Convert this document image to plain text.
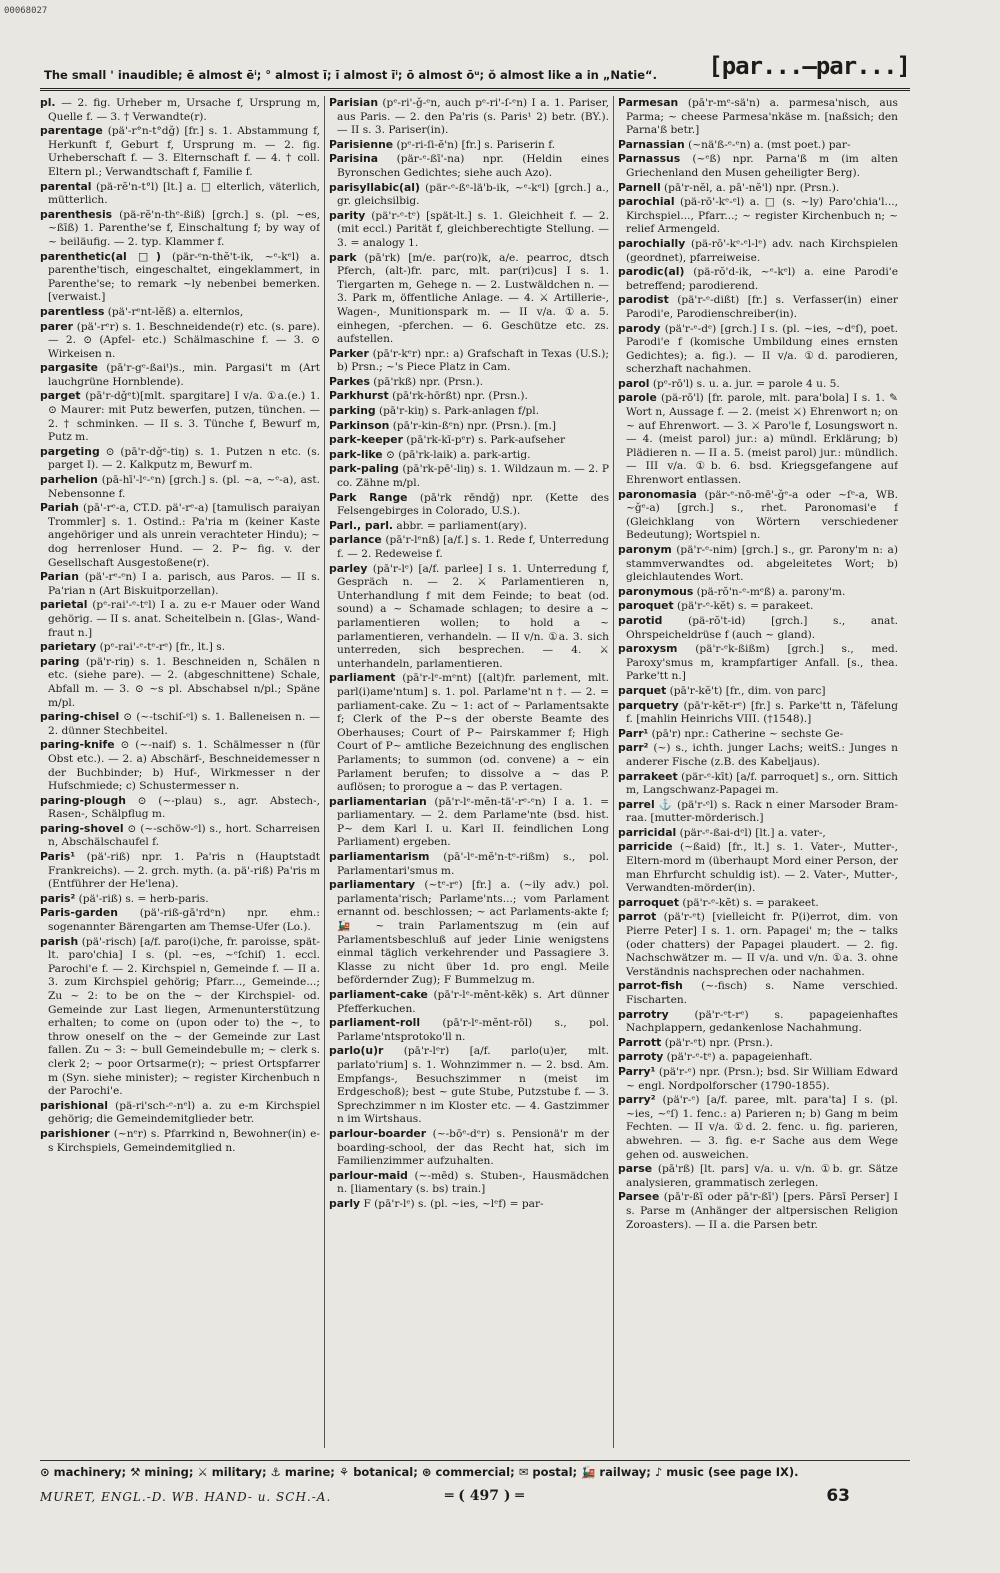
00068027
The small ' inaudible; ē almost ēⁱ; ° almost ī; ī almost īⁱ; ō almost ōᵘ; ŏ almost like a in „Natie“. [par...—par...]

pl. — 2. fig. Urheber m, Ursache f, Ursprung m, Quelle f. — 3. † Verwandte(r).

parentage (pä'-r°n-t°dǧ) [fr.] s. 1. Abstammung f, Herkunft f, Geburt f, Ursprung m. — 2. fig. Urheberschaft f. — 3. Elternschaft f. — 4. † coll. Eltern pl.; Verwandtschaft f, Familie f.

parental (pä-rĕ'n-t°l) [lt.] a. □ elterlich, väterlich, mütterlich.

parenthesis (pä-rĕ'n-thᵉ-ßiß) [grch.] s. (pl. ~es, ~ßīß) 1. Parenthe'se f, Einschaltung f; by way of ~ beiläufig. — 2. typ. Klammer f.

parenthetic(al □) (pär-ᵉn-thĕ't-ik, ~ᵉ-kᵉl) a. parenthe'tisch, eingeschaltet, eingeklammert, in Parenthe'se; to remark ~ly nebenbei bemerken. [verwaist.]

parentless (pä'-rᵉnt-lĕß) a. elternlos,

parer (pä'-rᵉr) s. 1. Beschneidende(r) etc. (s. pare). — 2. ⊙ (Apfel- etc.) Schälmaschine f. — 3. ⊙ Wirkeisen n.

pargasite (pā'r-gᵉ-ßaiᵗ)s., min. Pargasi't m (Art lauchgrüne Hornblende).

parget (pā'r-dǧᵉt)[mlt. spargitare] I v/a. ①a.(e.) 1. ⊙ Maurer: mit Putz bewerfen, putzen, tünchen. — 2. † schminken. — II s. 3. Tünche f, Bewurf m, Putz m.

pargeting ⊙ (pā'r-dǧᵉ-tiŋ) s. 1. Putzen n etc. (s. parget I). — 2. Kalkputz m, Bewurf m.

parhelion (pā-hī'-lᵉ-ᵉn) [grch.] s. (pl. ~a, ~ᵉ-a), ast. Nebensonne f.

Pariah (pā'-rᵉ-a, CT.D. pä'-rᵉ-a) [tamulisch paraiyan Trommler] s. 1. Ostind.: Pa'ria m (keiner Kaste angehöriger und als unrein verachteter Hindu); ~ dog herrenloser Hund. — 2. P~ fig. v. der Gesellschaft Ausgestoßene(r).

Parian (pä'-rᵉ-ᵉn) I a. parisch, aus Paros. — II s. Pa'rian n (Art Biskuitporzellan).

parietal (pᵉ-rai'-ᵉ-tᵉl) I a. zu e-r Mauer oder Wand gehörig. — II s. anat. Scheitelbein n. [Glas-, Wand-fraut n.]

parietary (pᵉ-rai'-ᵉ-tᵉ-rᵉ) [fr., lt.] s.

paring (pä'r-riŋ) s. 1. Beschneiden n, Schälen n etc. (siehe pare). — 2. (abgeschnittene) Schale, Abfall m. — 3. ⊙ ~s pl. Abschabsel n/pl.; Späne m/pl.

paring-chisel ⊙ (~-tschiſ-ᵉl) s. 1. Balleneisen n. — 2. dünner Stechbeitel.

paring-knife ⊙ (~-naif) s. 1. Schälmesser n (für Obst etc.). — 2. a) Abschärf-, Beschneidemesser n der Buchbinder; b) Huf-, Wirkmesser n der Hufschmiede; c) Schustermesser n.

paring-plough ⊙ (~-plau) s., agr. Abstech-, Rasen-, Schälpflug m.

paring-shovel ⊙ (~-schöw-ᵉl) s., hort. Scharreisen n, Abschälschaufel f.

Paris¹ (pä'-riß) npr. 1. Pa'ris n (Hauptstadt Frankreichs). — 2. grch. myth. (a. pä'-riß) Pa'ris m (Entführer der He'lena).

paris² (pä'-riß) s. = herb-paris.

Paris-garden (pä'-riß-gā'rdᵉn) npr. ehm.: sogenannter Bärengarten am Themse-Ufer (Lo.).

parish (pä'-risch) [a/f. paro(i)che, fr. paroisse, spät-lt. paro'chia] I s. (pl. ~es, ~ᵉſchiſ) 1. eccl. Parochi'e f. — 2. Kirchspiel n, Gemeinde f. — II a. 3. zum Kirchspiel gehörig; Pfarr..., Gemeinde...; Zu ~ 2: to be on the ~ der Kirchspiel- od. Gemeinde zur Last liegen, Armenunterstützung erhalten; to come on (upon oder to) the ~, to throw oneself on the ~ der Gemeinde zur Last fallen. Zu ~ 3: ~ bull Gemeindebulle m; ~ clerk s. clerk 2; ~ poor Ortsarme(r); ~ priest Ortspfarrer m (Syn. siehe minister); ~ register Kirchenbuch n der Parochi'e.

parishional (pä-ri'sch-ᵉ-nᵉl) a. zu e-m Kirchspiel gehörig; die Gemeindemitglieder betr.

parishioner (~nᵉr) s. Pfarrkind n, Bewohner(in) e-s Kirchspiels, Gemeindemitglied n.

Parisian (pᵉ-ri'-ǧ-ᵉn, auch pᵉ-ri'-ſ-ᵉn) I a. 1. Pariser, aus Paris. — 2. den Pa'ris (s. Paris¹ 2) betr. (BY.). — II s. 3. Pariser(in).

Parisienne (pᵉ-ri-ſi-ĕ'n) [fr.] s. Pariserin f.

Parisina (pär-ᵉ-ßī'-na) npr. (Heldin eines Byronschen Gedichtes; siehe auch Azo).

parisyllabic(al) (pär-ᵉ-ßᵉ-lä'b-ik, ~ᵉ-kᵉl) [grch.] a., gr. gleichsilbig.

parity (pä'r-ᵉ-tᵉ) [spät-lt.] s. 1. Gleichheit f. — 2. (mit eccl.) Parität f, gleichberechtigte Stellung. — 3. = analogy 1.

park (pā'rk) [m/e. par(ro)k, a/e. pearroc, dtsch Pferch, (alt-)fr. parc, mlt. par(ri)cus] I s. 1. Tiergarten m, Gehege n. — 2. Lustwäldchen n. — 3. Park m, öffentliche Anlage. — 4. ⚔ Artillerie-, Wagen-, Munitionspark m. — II v/a. ①a. 5. einhegen, -pferchen. — 6. Geschütze etc. zs. aufstellen.

Parker (pā'r-kᵉr) npr.: a) Grafschaft in Texas (U.S.); b) Prsn.; ~'s Piece Platz in Cam.

Parkes (pā'rkß) npr. (Prsn.).

Parkhurst (pā'rk-hōrßt) npr. (Prsn.).

parking (pā'r-kiŋ) s. Park-anlagen f/pl.

Parkinson (pā'r-kin-ßᵉn) npr. (Prsn.). [m.]

park-keeper (pā'rk-kī-pᵉr) s. Park-aufseher

park-like ⊙ (pā'rk-laik) a. park-artig.

park-paling (pā'rk-pē'-liŋ) s. 1. Wildzaun m. — 2. P co. Zähne m/pl.

Park Range (pā'rk rēndǧ) npr. (Kette des Felsengebirges in Colorado, U.S.).

Parl., parl. abbr. = parliament(ary).

parlance (pā'r-lᵉnß) [a/f.] s. 1. Rede f, Unterredung f. — 2. Redeweise f.

parley (pā'r-lᵉ) [a/f. parlee] I s. 1. Unterredung f, Gespräch n. — 2. ⚔ Parlamentieren n, Unterhandlung f mit dem Feinde; to beat (od. sound) a ~ Schamade schlagen; to desire a ~ parlamentieren wollen; to hold a ~ parlamentieren, verhandeln. — II v/n. ①a. 3. sich unterreden, sich besprechen. — 4. ⚔ unterhandeln, parlamentieren.

parliament (pā'r-lᵉ-mᵉnt) [(alt)fr. parlement, mlt. parl(i)ame'ntum] s. 1. pol. Parlame'nt n †. — 2. = parliament-cake. Zu ~ 1: act of ~ Parlamentsakte f; Clerk of the P~s der oberste Beamte des Oberhauses; Court of P~ Pairskammer f; High Court of P~ amtliche Bezeichnung des englischen Parlaments; to summon (od. convene) a ~ ein Parlament berufen; to dissolve a ~ das P. auflösen; to prorogue a ~ das P. vertagen.

parliamentarian (pā'r-lᵉ-mĕn-tä'-rᵉ-ᵉn) I a. 1. = parliamentary. — 2. dem Parlame'nte (bsd. hist. P~ dem Karl I. u. Karl II. feindlichen Long Parliament) ergeben.

parliamentarism (pā'-lᵉ-mĕ'n-tᵉ-rißm) s., pol. Parlamentari'smus m.

parliamentary (~tᵉ-rᵉ) [fr.] a. (~ily adv.) pol. parlamenta'risch; Parlame'nts...; vom Parlament ernannt od. beschlossen; ~ act Parlaments-akte f; 🚂 ~ train Parlamentszug m (ein auf Parlamentsbeschluß auf jeder Linie wenigstens einmal täglich verkehrender und Passagiere 3. Klasse zu nicht über 1d. pro engl. Meile befördernder Zug); F Bummelzug m.

parliament-cake (pā'r-lᵉ-mĕnt-kēk) s. Art dünner Pfefferkuchen.

parliament-roll (pā'r-lᵉ-mĕnt-rōl) s., pol. Parlame'ntsprotoko'll n.

parlo(u)r (pā'r-lᵉr) [a/f. parlo(u)er, mlt. parlato'rium] s. 1. Wohnzimmer n. — 2. bsd. Am. Empfangs-, Besuchszimmer n (meist im Erdgeschoß); best ~ gute Stube, Putzstube f. — 3. Sprechzimmer n im Kloster etc. — 4. Gastzimmer n im Wirtshaus.

parlour-boarder (~-bōᵉ-dᵉr) s. Pensionä'r m der boarding-school, der das Recht hat, sich im Familienzimmer aufzuhalten.

parlour-maid (~-mēd) s. Stuben-, Hausmädchen n. [liamentary (s. bs) train.]

parly F (pā'r-lᵉ) s. (pl. ~ies, ~lᵉf) = par-

Parmesan (pā'r-mᵉ-sä'n) a. parmesa'nisch, aus Parma; ~ cheese Parmesa'nkäse m. [naßsich; den Parna'ß betr.]

Parnassian (~nä'ß-ᵉ-ᵉn) a. (mst poet.) par-

Parnassus (~ᵉß) npr. Parna'ß m (im alten Griechenland den Musen geheiligter Berg).

Parnell (pā'r-nĕl, a. pā'-nĕ'l) npr. (Prsn.).

parochial (pä-rō'-kᵉ-ᵉl) a. □ (s. ~ly) Paro'chia'l..., Kirchspiel..., Pfarr...; ~ register Kirchenbuch n; ~ relief Armengeld.

parochially (pä-rō'-kᵉ-ᵉl-lᵉ) adv. nach Kirchspielen (geordnet), pfarreiweise.

parodic(al) (pä-rŏ'd-ik, ~ᵉ-kᵉl) a. eine Parodi'e betreffend; parodierend.

parodist (pä'r-ᵉ-dißt) [fr.] s. Verfasser(in) einer Parodi'e, Parodienschreiber(in).

parody (pä'r-ᵉ-dᵉ) [grch.] I s. (pl. ~ies, ~dᵉſ), poet. Parodi'e f (komische Umbildung eines ernsten Gedichtes); a. fig.). — II v/a. ①d. parodieren, scherzhaft nachahmen.

parol (pᵉ-rō'l) s. u. a. jur. = parole 4 u. 5.

parole (pä-rō'l) [fr. parole, mlt. para'bola] I s. 1. ✎ Wort n, Aussage f. — 2. (meist ⚔) Ehrenwort n; on ~ auf Ehrenwort. — 3. ⚔ Paro'le f, Losungswort n. — 4. (meist parol) jur.: a) mündl. Erklärung; b) Plädieren n. — II a. 5. (meist parol) jur.: mündlich. — III v/a. ①b. 6. bsd. Kriegsgefangene auf Ehrenwort entlassen.

paronomasia (pär-ᵉ-nō-mē'-ǧᵉ-a oder ~ſᵉ-a, WB. ~ǧᵉ-a) [grch.] s., rhet. Paronomasi'e f (Gleichklang von Wörtern verschiedener Bedeutung); Wortspiel n.

paronym (pä'r-ᵉ-nim) [grch.] s., gr. Parony'm n: a) stammverwandtes od. abgeleitetes Wort; b) gleichlautendes Wort.

paronymous (pä-rŏ'n-ᵉ-mᵉß) a. parony'm.

paroquet (pä'r-ᵉ-kĕt) s. = parakeet.

parotid (pä-rŏ't-id) [grch.] s., anat. Ohrspeicheldrüse f (auch ~ gland).

paroxysm (pä'r-ᵉk-ßißm) [grch.] s., med. Paroxy'smus m, krampfartiger Anfall. [s., thea. Parke'tt n.]

parquet (pā'r-kĕ't) [fr., dim. von parc]

parquetry (pā'r-kĕt-rᵉ) [fr.] s. Parke'tt n, Täfelung f. [mahlin Heinrichs VIII. (†1548).]

Parr¹ (pā'r) npr.: Catherine ~ sechste Ge-

parr² (~) s., ichth. junger Lachs; weitS.: Junges n anderer Fische (z.B. des Kabeljaus).

parrakeet (pär-ᵉ-kīt) [a/f. parroquet] s., orn. Sittich m, Langschwanz-Papagei m.

parrel ⚓ (pä'r-ᵉl) s. Rack n einer Marsoder Bram-raa. [mutter-mörderisch.]

parricidal (pär-ᵉ-ßai-dᵉl) [lt.] a. vater-,

parricide (~ßaid) [fr., lt.] s. 1. Vater-, Mutter-, Eltern-mord m (überhaupt Mord einer Person, der man Ehrfurcht schuldig ist). — 2. Vater-, Mutter-, Verwandten-mörder(in).

parroquet (pä'r-ᵉ-kĕt) s. = parakeet.

parrot (pä'r-ᵉt) [vielleicht fr. P(i)errot, dim. von Pierre Peter] I s. 1. orn. Papagei' m; the ~ talks (oder chatters) der Papagei plaudert. — 2. fig. Nachschwätzer m. — II v/a. und v/n. ①a. 3. ohne Verständnis nachsprechen oder nachahmen.

parrot-fish (~-fisch) s. Name verschied. Fischarten.

parrotry (pä'r-ᵉt-rᵉ) s. papageienhaftes Nachplappern, gedankenlose Nachahmung.

Parrott (pä'r-ᵉt) npr. (Prsn.).

parroty (pä'r-ᵉ-tᵉ) a. papageienhaft.

Parry¹ (pä'r-ᵉ) npr. (Prsn.); bsd. Sir William Edward ~ engl. Nordpolforscher (1790-1855).

parry² (pä'r-ᵉ) [a/f. paree, mlt. para'ta] I s. (pl. ~ies, ~ᵉſ) 1. fenc.: a) Parieren n; b) Gang m beim Fechten. — II v/a. ①d. 2. fenc. u. fig. parieren, abwehren. — 3. fig. e-r Sache aus dem Wege gehen od. ausweichen.

parse (pā'rß) [lt. pars] v/a. u. v/n. ①b. gr. Sätze analysieren, grammatisch zerlegen.

Parsee (pā'r-ßī oder pā'r-ßī') [pers. Pārsī Perser] I s. Parse m (Anhänger der altpersischen Religion Zoroasters). — II a. die Parsen betr.

⊙ machinery; ⚒ mining; ⚔ military; ⚓ marine; ⚘ botanical; ⊛ commercial; ✉ postal; 🚂 railway; ♪ music (see page IX).
MURET, ENGL.-D. WB. HAND- u. SCH.-A.	═ ( 497 ) ═	63
